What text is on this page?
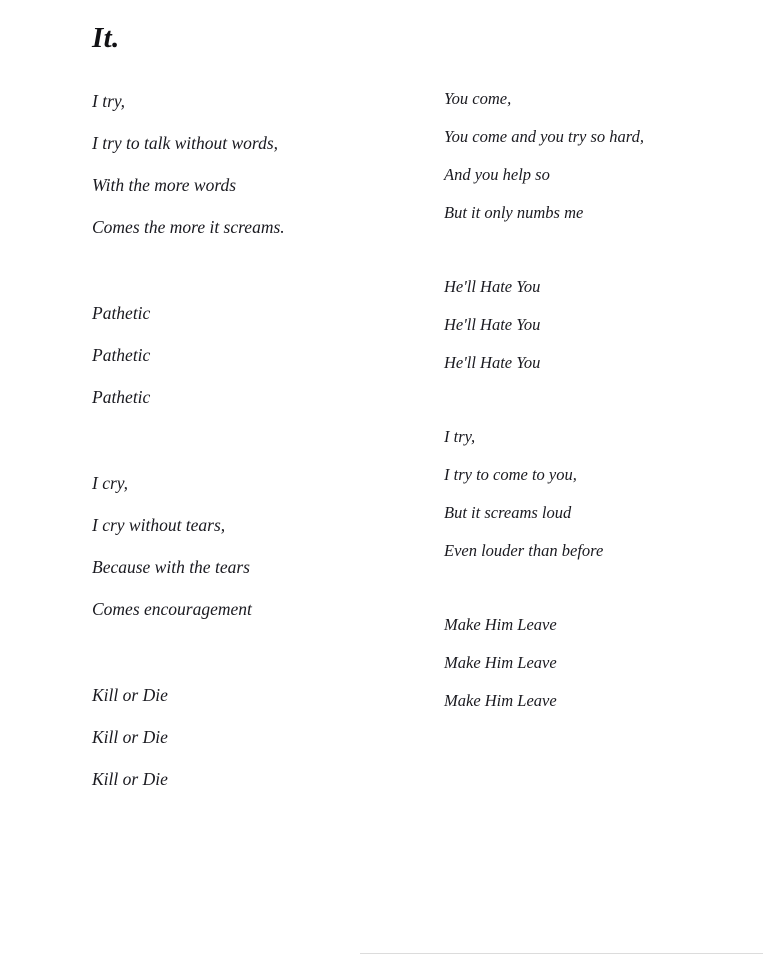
It.
I try,
I try to talk without words,
With the more words
Comes the more it screams.
Pathetic
Pathetic
Pathetic
I cry,
I cry without tears,
Because with the tears
Comes encouragement
Kill or Die
Kill or Die
Kill or Die
You come,
You come and you try so hard,
And you help so
But it only numbs me
He'll Hate You
He'll Hate You
He'll Hate You
I try,
I try to come to you,
But it screams loud
Even louder than before
Make Him Leave
Make Him Leave
Make Him Leave
